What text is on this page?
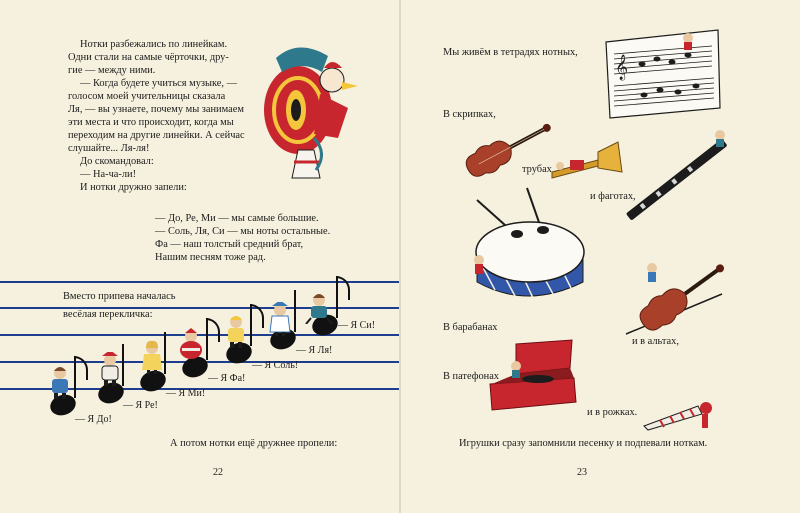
Нотки разбежались по линейкам.
Одни стали на самые чёрточки, дру-
гие — между ними.
— Когда будете учиться музыке, —
голосом моей учительницы сказала
Ля, — вы узнаете, почему мы занимаем
эти места и что происходит, когда мы
переходим на другие линейки. А сейчас
слушайте... Ля-ля!
До скомандовал:
— На-ча-ли!
И нотки дружно запели:
— До, Ре, Ми — мы самые большие.
— Соль, Ля, Си — мы ноты остальные.
Фа — наш толстый средний брат,
Нашим песням тоже рад.
Вместо припева началась
весёлая перекличка:
— Я До!
— Я Ре!
— Я Ми!
— Я Фа!
— Я Соль!
— Я Ля!
— Я Си!
А потом нотки ещё дружнее пропели:
22
Мы живём в тетрадях нотных,
𝄞
В скрипках,
трубах
и фаготах,
В барабанах
и в альтах,
В патефонах
и в рожках.
Игрушки сразу запомнили песенку и подпевали ноткам.
23
